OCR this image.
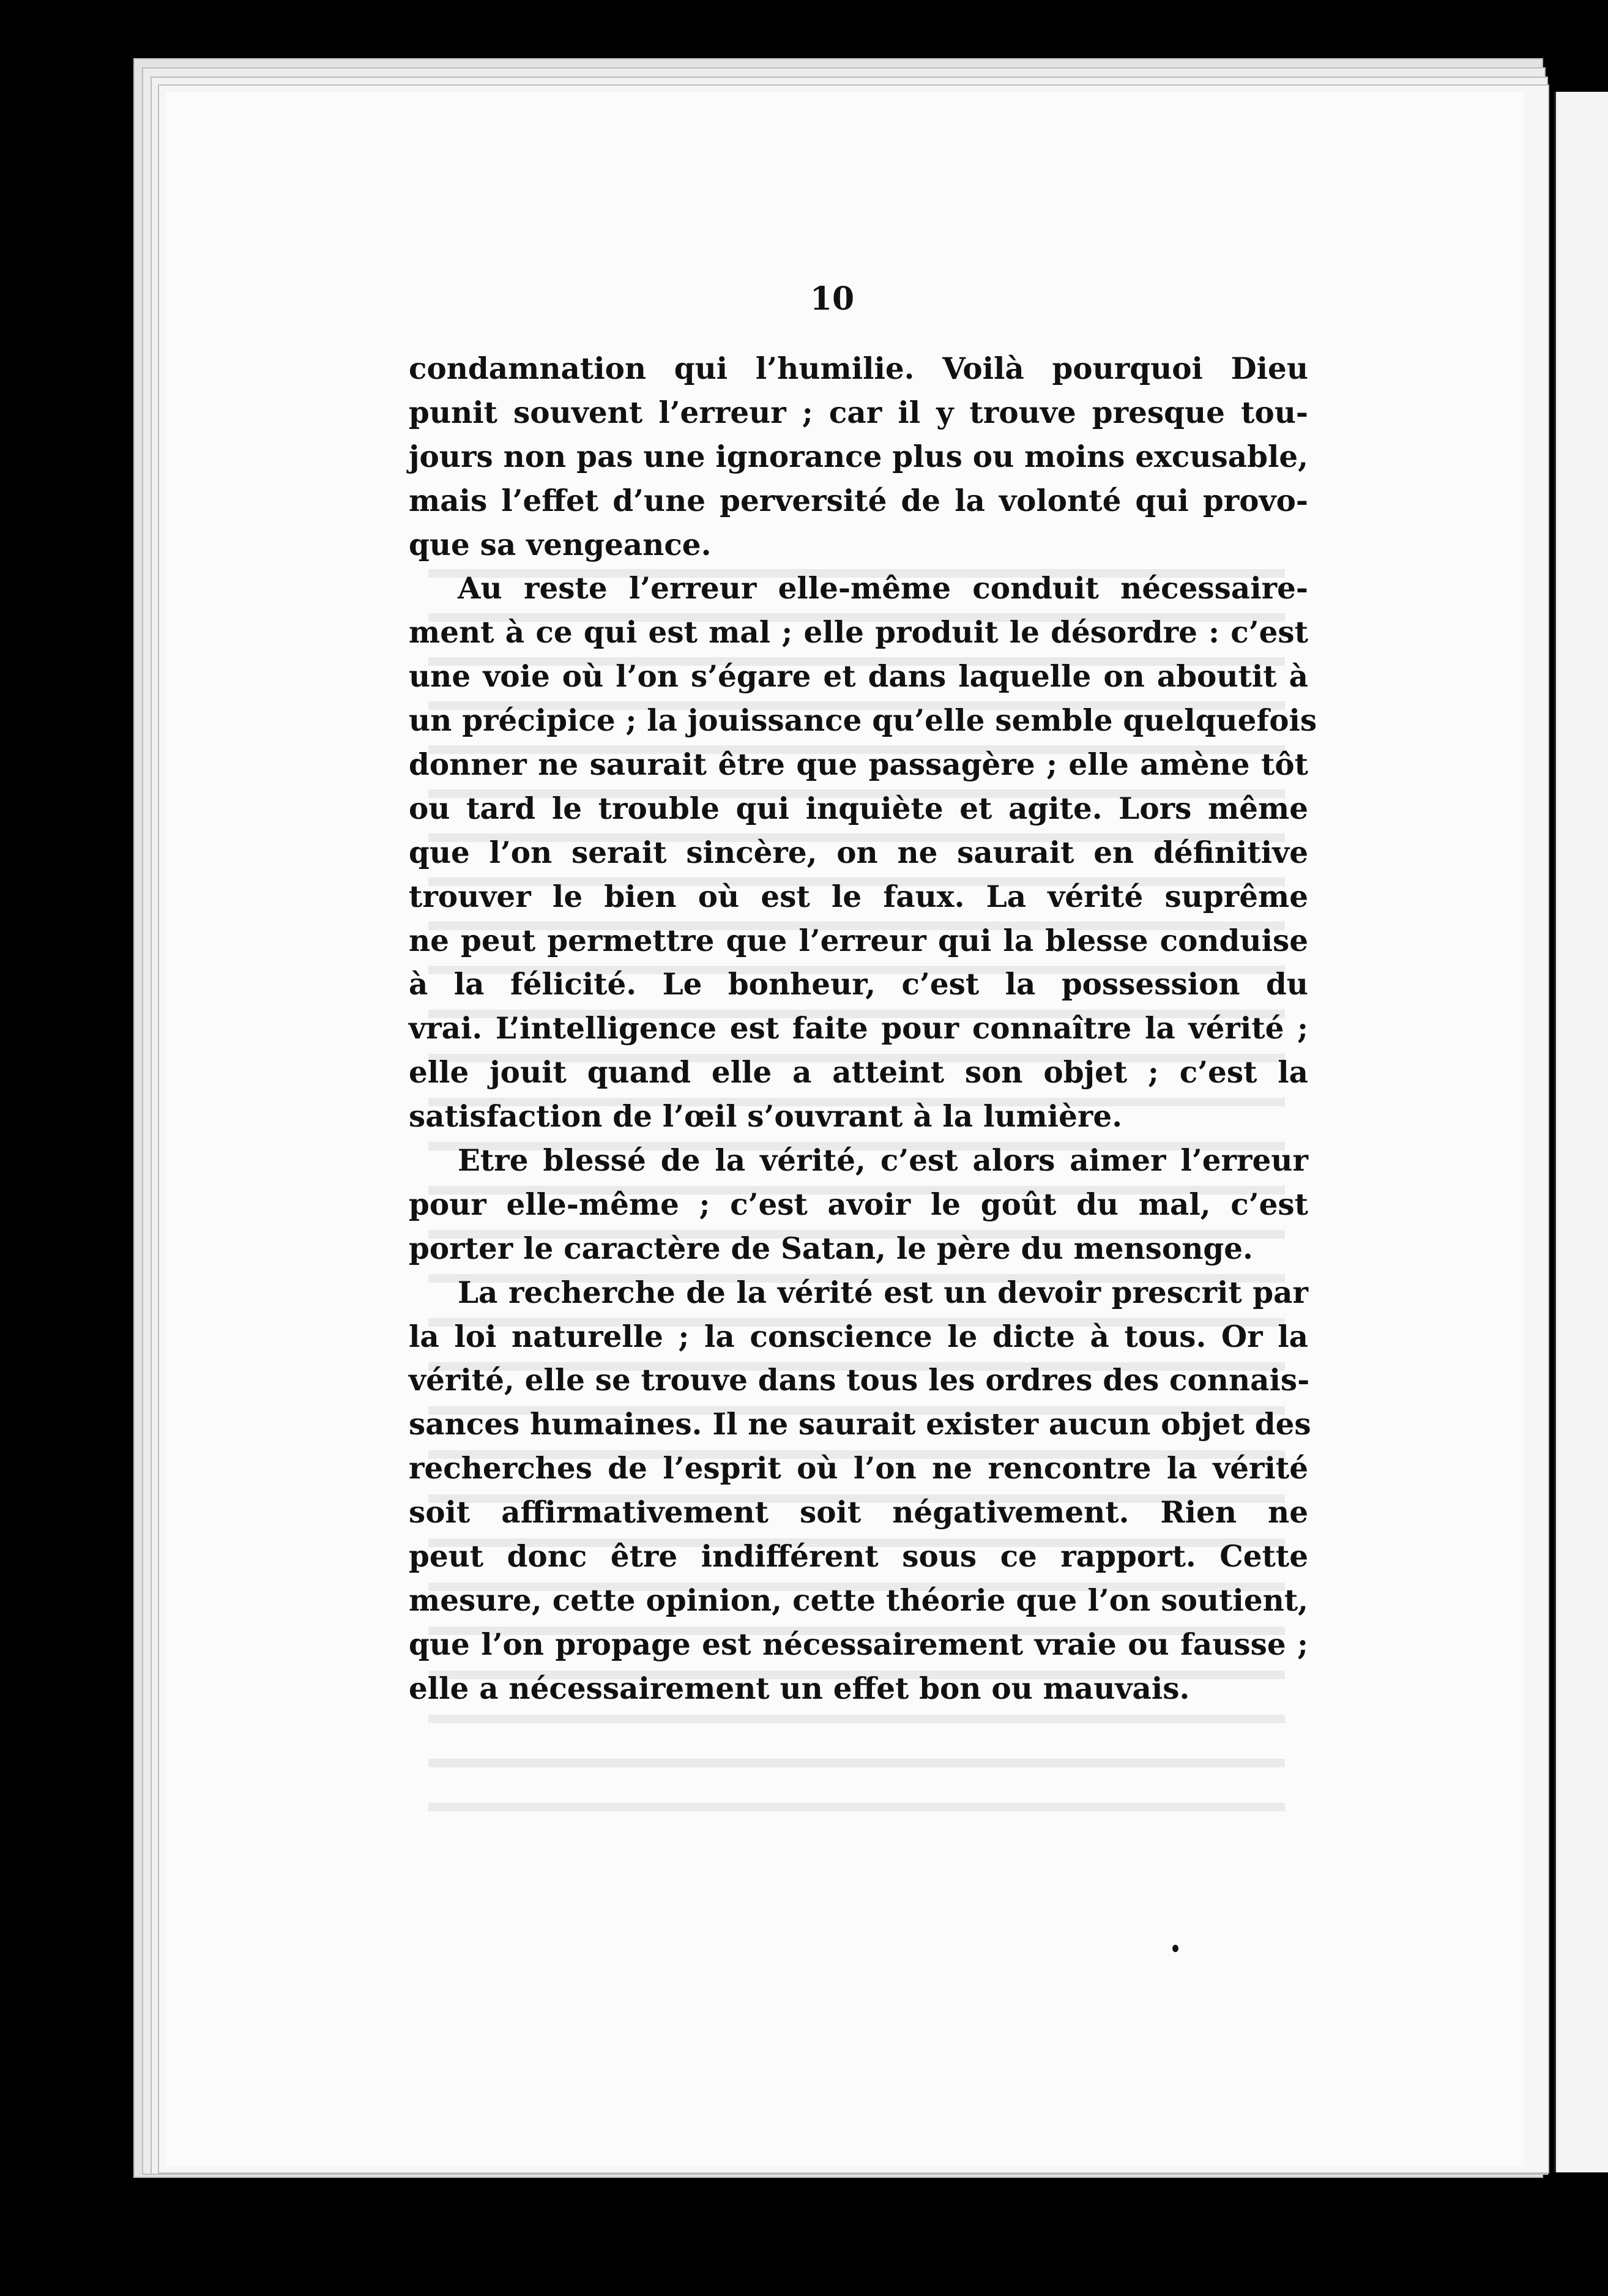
10
condamnation qui l’humilie. Voilà pourquoi Dieu
punit souvent l’erreur ; car il y trouve presque tou-
jours non pas une ignorance plus ou moins excusable,
mais l’effet d’une perversité de la volonté qui provo-
que sa vengeance.
Au reste l’erreur elle-même conduit nécessaire-
ment à ce qui est mal ; elle produit le désordre : c’est
une voie où l’on s’égare et dans laquelle on aboutit à
un précipice ; la jouissance qu’elle semble quelquefois
donner ne saurait être que passagère ; elle amène tôt
ou tard le trouble qui inquiète et agite. Lors même
que l’on serait sincère, on ne saurait en définitive
trouver le bien où est le faux. La vérité suprême
ne peut permettre que l’erreur qui la blesse conduise
à la félicité. Le bonheur, c’est la possession du
vrai. L’intelligence est faite pour connaître la vérité ;
elle jouit quand elle a atteint son objet ; c’est la
satisfaction de l’œil s’ouvrant à la lumière.
Etre blessé de la vérité, c’est alors aimer l’erreur
pour elle-même ; c’est avoir le goût du mal, c’est
porter le caractère de Satan, le père du mensonge.
La recherche de la vérité est un devoir prescrit par
la loi naturelle ; la conscience le dicte à tous. Or la
vérité, elle se trouve dans tous les ordres des connais-
sances humaines. Il ne saurait exister aucun objet des
recherches de l’esprit où l’on ne rencontre la vérité
soit affirmativement soit négativement. Rien ne
peut donc être indifférent sous ce rapport. Cette
mesure, cette opinion, cette théorie que l’on soutient,
que l’on propage est nécessairement vraie ou fausse ;
elle a nécessairement un effet bon ou mauvais.
